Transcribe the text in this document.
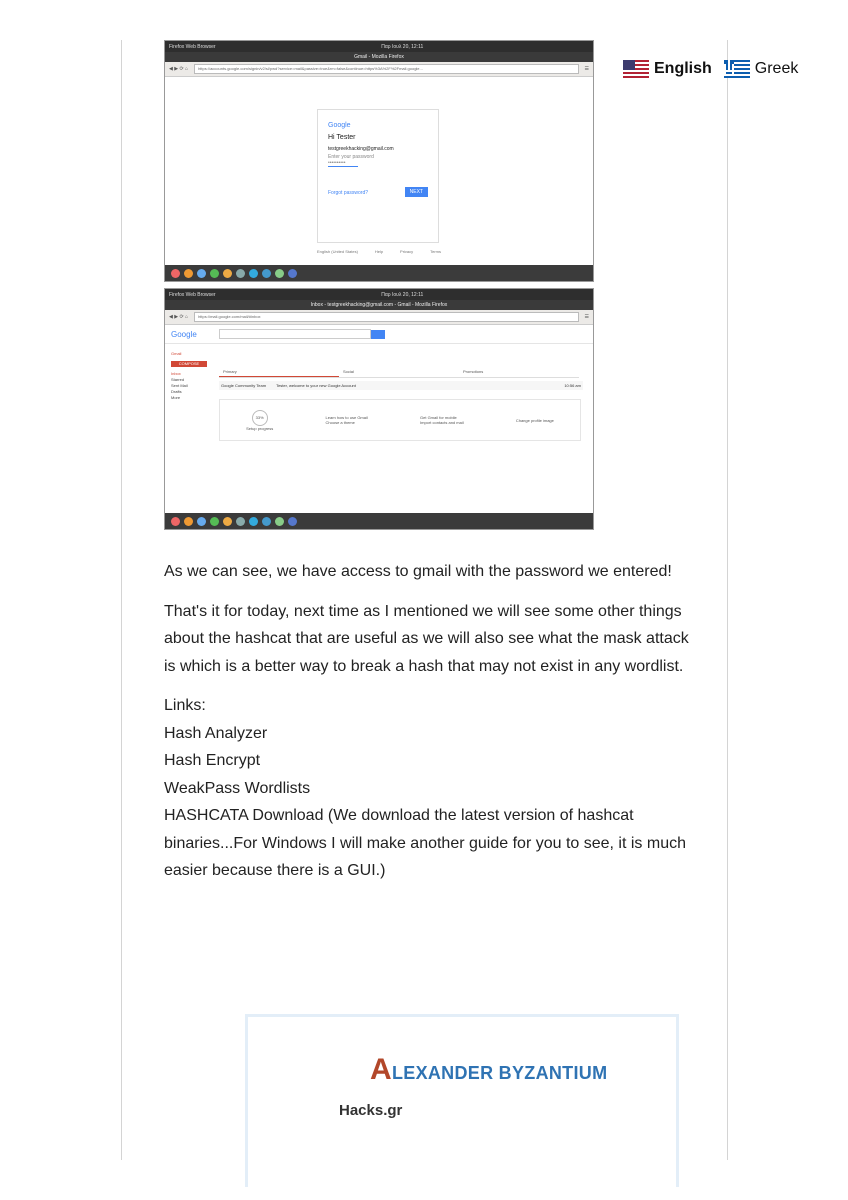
English	Greek
Firefox Web Browser	Παρ Ιουλ 20, 12:11
Gmail - Mozilla Firefox
◀ ▶ ⟳ ⌂	https://accounts.google.com/signin/v2/sl/pwd?service=mail&passive=true&rm=false&continue=https%3A%2F%2Fmail.google...	☰
Google
Hi Tester
testgreekhacking@gmail.com
Enter your password
••••••••••
Forgot password?	NEXT
English (United States)	Help	Privacy	Terms
Firefox Web Browser	Παρ Ιουλ 20, 12:11
Inbox - testgreekhacking@gmail.com - Gmail - Mozilla Firefox
◀ ▶ ⟳ ⌂	https://mail.google.com/mail/#inbox	☰
Google
Gmail
COMPOSE
Inbox
Starred
Sent Mail
Drafts
More
Primary	Social	Promotions
Google Community Team	Tester, welcome to your new Google Account	10:56 am
33%
Setup progress
Learn how to use Gmail
Choose a theme
Get Gmail for mobile
Import contacts and mail	Change profile image

As we can see, we have access to gmail with the password we entered!

That's it for today, next time as I mentioned we will see some other things about the hashcat that are useful as we will also see what the mask attack is which is a better way to break a hash that may not exist in any wordlist.

Links:

Hash Analyzer

Hash Encrypt

WeakPass Wordlists

HASHCATA Download (We download the latest version of hashcat binaries...For Windows I will make another guide for you to see, it is much easier because there is a GUI.)

ALEXANDER BYZANTIUM
Hacks.gr
